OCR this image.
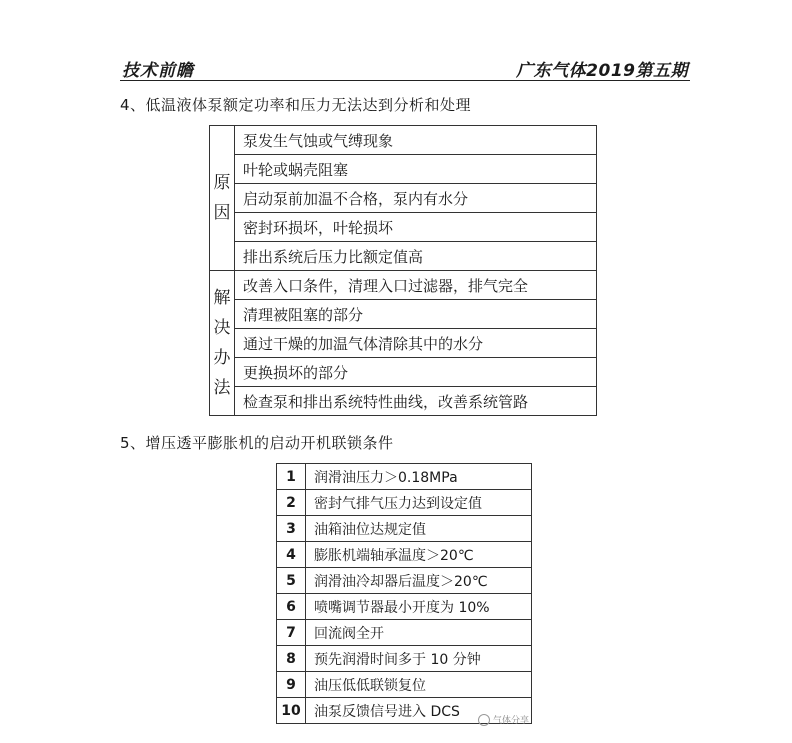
技术前瞻	广东气体2019第五期
4、低温液体泵额定功率和压力无法达到分析和处理
原
因	泵发生气蚀或气缚现象
	叶轮或蜗壳阻塞
	启动泵前加温不合格，泵内有水分
	密封环损坏，叶轮损坏
	排出系统后压力比额定值高

解
决
办
法	改善入口条件，清理入口过滤器，排气完全
	清理被阻塞的部分
	通过干燥的加温气体清除其中的水分
	更换损坏的部分
	检查泵和排出系统特性曲线，改善系统管路
5、增压透平膨胀机的启动开机联锁条件
1	润滑油压力＞0.18MPa
2	密封气排气压力达到设定值
3	油箱油位达规定值
4	膨胀机端轴承温度＞20℃
5	润滑油冷却器后温度＞20℃
6	喷嘴调节器最小开度为 10%
7	回流阀全开
8	预先润滑时间多于 10 分钟
9	油压低低联锁复位
10	油泵反馈信号进入 DCS
气体分享
